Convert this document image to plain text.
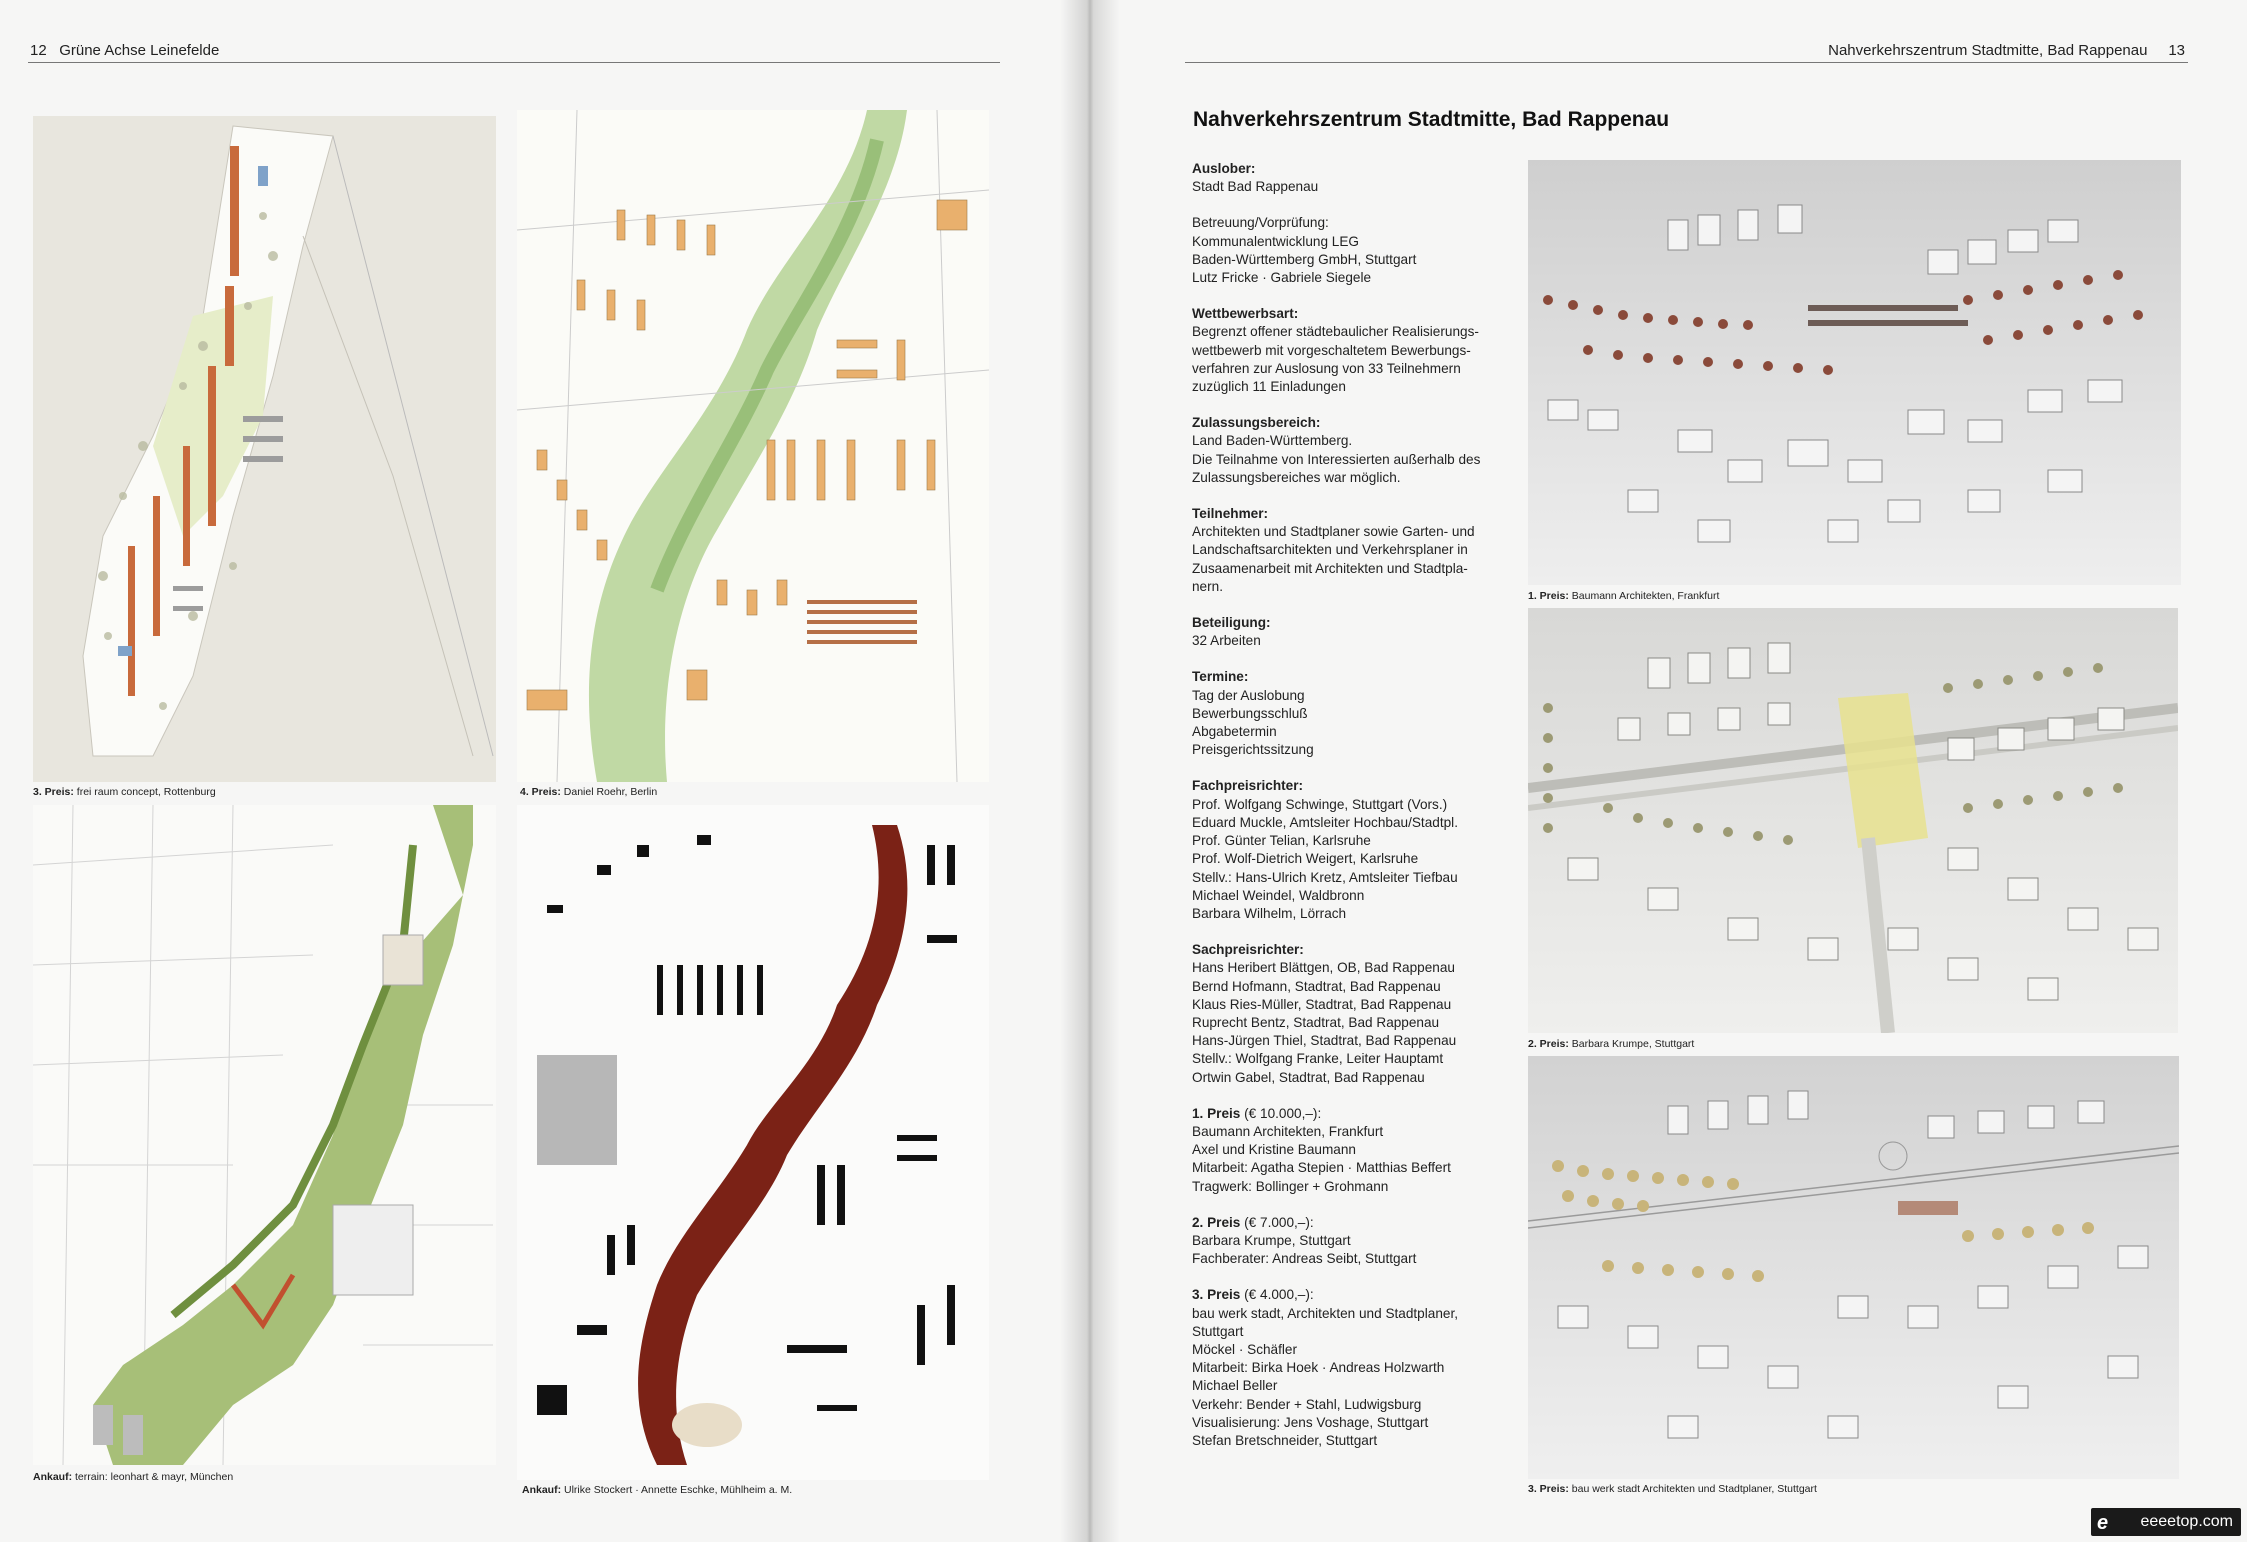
12 Grüne Achse Leinefelde
3. Preis: frei raum concept, Rottenburg	4. Preis: Daniel Roehr, Berlin
Ankauf: terrain: leonhart & mayr, München
Ankauf: Ulrike Stockert · Annette Eschke, Mühlheim a. M.
Nahverkehrszentrum Stadtmitte, Bad Rappenau 13
Nahverkehrszentrum Stadtmitte, Bad Rappenau
Auslober:
Stadt Bad Rappenau
Betreuung/Vorprüfung:
Kommunalentwicklung LEG
Baden-Württemberg GmbH, Stuttgart
Lutz Fricke · Gabriele Siegele
Wettbewerbsart:
Begrenzt offener städtebaulicher Realisierungs-
wettbewerb mit vorgeschaltetem Bewerbungs-
verfahren zur Auslosung von 33 Teilnehmern
zuzüglich 11 Einladungen
Zulassungsbereich:
Land Baden-Württemberg.
Die Teilnahme von Interessierten außerhalb des
Zulassungsbereiches war möglich.
Teilnehmer:
Architekten und Stadtplaner sowie Garten- und
Landschaftsarchitekten und Verkehrsplaner in
Zusaamenarbeit mit Architekten und Stadtpla-
nern.
Beteiligung:
32 Arbeiten
Termine:
Tag der Auslobung
Bewerbungsschluß
Abgabetermin
Preisgerichtssitzung
Fachpreisrichter:
Prof. Wolfgang Schwinge, Stuttgart (Vors.)
Eduard Muckle, Amtsleiter Hochbau/Stadtpl.
Prof. Günter Telian, Karlsruhe
Prof. Wolf-Dietrich Weigert, Karlsruhe
Stellv.: Hans-Ulrich Kretz, Amtsleiter Tiefbau
Michael Weindel, Waldbronn
Barbara Wilhelm, Lörrach
Sachpreisrichter:
Hans Heribert Blättgen, OB, Bad Rappenau
Bernd Hofmann, Stadtrat, Bad Rappenau
Klaus Ries-Müller, Stadtrat, Bad Rappenau
Ruprecht Bentz, Stadtrat, Bad Rappenau
Hans-Jürgen Thiel, Stadtrat, Bad Rappenau
Stellv.: Wolfgang Franke, Leiter Hauptamt
Ortwin Gabel, Stadtrat, Bad Rappenau
1. Preis (€ 10.000,–):
Baumann Architekten, Frankfurt
Axel und Kristine Baumann
Mitarbeit: Agatha Stepien · Matthias Beffert
Tragwerk: Bollinger + Grohmann
2. Preis (€ 7.000,–):
Barbara Krumpe, Stuttgart
Fachberater: Andreas Seibt, Stuttgart
3. Preis (€ 4.000,–):
bau werk stadt, Architekten und Stadtplaner,
Stuttgart
Möckel · Schäfler
Mitarbeit: Birka Hoek · Andreas Holzwarth
Michael Beller
Verkehr: Bender + Stahl, Ludwigsburg
Visualisierung: Jens Voshage, Stuttgart
Stefan Bretschneider, Stuttgart
1. Preis: Baumann Architekten, Frankfurt
2. Preis: Barbara Krumpe, Stuttgart
3. Preis: bau werk stadt Architekten und Stadtplaner, Stuttgart
e eeeetop.com
